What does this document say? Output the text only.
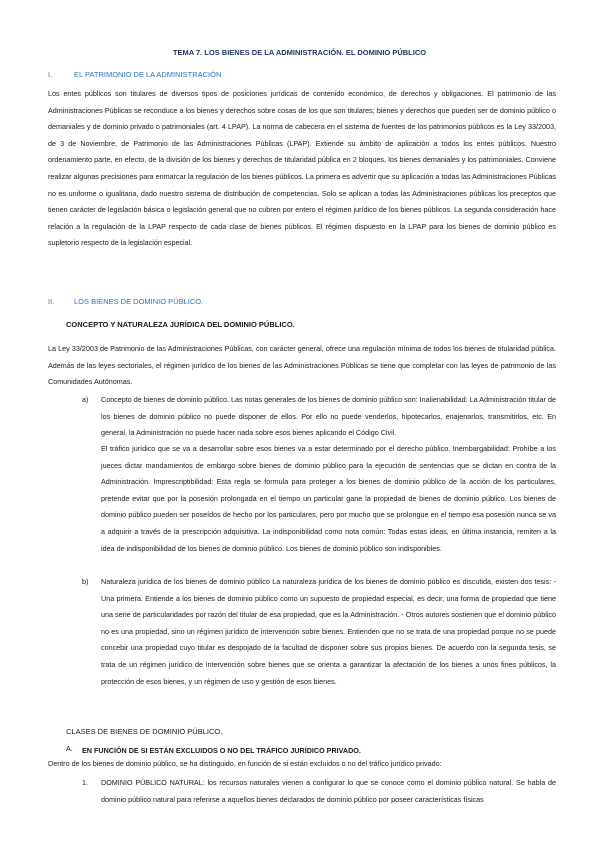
TEMA 7. LOS BIENES DE LA ADMINISTRACIÓN. EL DOMINIO PÚBLICO
I.	EL PATRIMONIO DE LA ADMINISTRACIÓN
Los entes públicos son titulares de diversos tipos de posiciones jurídicas de contenido económico, de derechos y obligaciones. El patrimonio de las Administraciones Públicas se reconduce a los bienes y derechos sobre cosas de los que son titulares; bienes y derechos que pueden ser de dominio público o demaniales y de dominio privado o patrimoniales (art. 4 LPAP). La norma de cabecera en el sistema de fuentes de los patrimonios públicos es la Ley 33/2003, de 3 de Noviembre, de Patrimonio de las Administraciones Públicas (LPAP). Extiende su ámbito de aplicación a todos los entes públicos. Nuestro ordenamiento parte, en efecto, de la división de los bienes y derechos de titularidad pública en 2 bloques, los bienes demaniales y los patrimoniales. Conviene realizar algunas precisiones para enmarcar la regulación de los bienes públicos. La primera es advertir que su aplicación a todas las Administraciones Públicas no es uniforme o igualitaria, dado nuestro sistema de distribución de competencias. Solo se aplican a todas las Administraciones públicas los preceptos que tienen carácter de legislación básica o legislación general que no cubren por entero el régimen jurídico de los bienes públicos. La segunda consideración hace relación a la regulación de la LPAP respecto de cada clase de bienes públicos. El régimen dispuesto en la LPAP para los bienes de dominio público es supletorio respecto de la legislación especial.
II.	LOS BIENES DE DOMINIO PÚBLICO.
CONCEPTO Y NATURALEZA JURÍDICA DEL DOMINIO PÚBLICO.
La Ley 33/2003 de Patrimonio de las Administraciones Públicas, con carácter general, ofrece una regulación mínima de todos los bienes de titularidad pública. Además de las leyes sectoriales, el régimen jurídico de los bienes de las Administraciones Públicas se tiene que completar con las leyes de patrimonio de las Comunidades Autónomas.
a) Concepto de bienes de dominio público. Las notas generales de los bienes de dominio público son: Inalienabilidad: La Administración titular de los bienes de dominio público no puede disponer de ellos. Por ello no puede venderlos, hipotecarlos, enajenarlos, transmitirlos, etc. En general, la Administración no puede hacer nada sobre esos bienes aplicando el Código Civil.
El tráfico jurídico que se va a desarrollar sobre esos bienes va a estar determinado por el derecho público. Inembargabilidad: Prohíbe a los jueces dictar mandamientos de embargo sobre bienes de dominio público para la ejecución de sentencias que se dictan en contra de la Administración. Imprescriptibilidad: Esta regla se formula para proteger a los bienes de dominio público de la acción de los particulares, pretende evitar que por la posesión prolongada en el tiempo un particular gane la propiedad de bienes de dominio público. Los bienes de dominio público pueden ser poseídos de hecho por los particulares, pero por mucho que se prolongue en el tiempo esa posesión nunca se va a adquirir a través de la prescripción adquisitiva. La indisponibilidad como nota común: Todas estas ideas, en última instancia, remiten a la idea de indisponibilidad de los bienes de dominio público. Los bienes de dominio público son indisponibles.
b) Naturaleza jurídica de los bienes de dominio público La naturaleza jurídica de los bienes de dominio público es discutida, existen dos tesis: - Una primera. Entiende a los bienes de dominio público como un supuesto de propiedad especial, es decir, una forma de propiedad que tiene una serie de particularidades por razón del titular de esa propiedad, que es la Administración. - Otros autores sostienen que el dominio público no es una propiedad, sino un régimen jurídico de intervención sobre bienes. Entienden que no se trata de una propiedad porque no se puede concebir una propiedad cuyo titular es despojado de la facultad de disponer sobre sus propios bienes. De acuerdo con la segunda tesis, se trata de un régimen jurídico de intervención sobre bienes que se orienta a garantizar la afectación de los bienes a unos fines públicos, la protección de esos bienes, y un régimen de uso y gestión de esos bienes.
CLASES DE BIENES DE DOMINIO PÚBLICO.
A. EN FUNCIÓN DE SI ESTÁN EXCLUIDOS O NO DEL TRÁFICO JURÍDICO PRIVADO.
Dentro de los bienes de dominio público, se ha distinguido, en función de si están excluidos o no del tráfico jurídico privado:
1. DOMINIO PÚBLICO NATURAL: los recursos naturales vienen a configurar lo que se conoce como el dominio público natural. Se habla de dominio público natural para referirse a aquellos bienes declarados de dominio público por poseer características físicas
